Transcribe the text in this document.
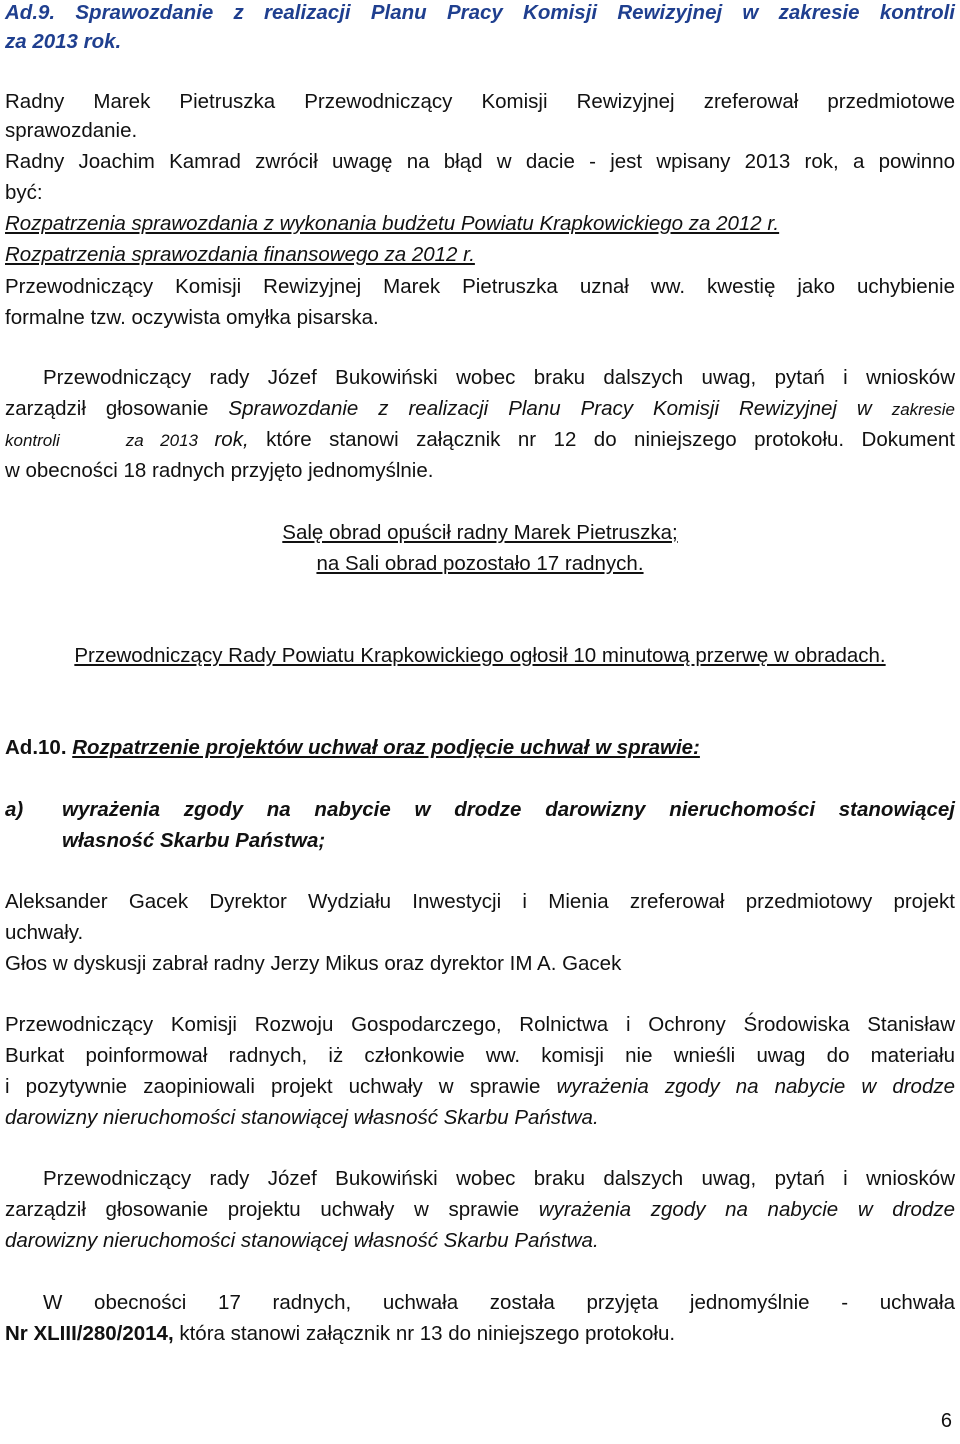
Ad.9. Sprawozdanie z realizacji Planu Pracy Komisji Rewizyjnej w zakresie kontroli
za 2013 rok.
Radny Marek Pietruszka Przewodniczący Komisji Rewizyjnej zreferował przedmiotowe
sprawozdanie.
Radny Joachim Kamrad zwrócił uwagę na błąd w dacie - jest wpisany 2013 rok, a powinno
być:
Rozpatrzenia sprawozdania z wykonania budżetu Powiatu Krapkowickiego za 2012 r.
Rozpatrzenia sprawozdania finansowego za 2012 r.
Przewodniczący Komisji Rewizyjnej Marek Pietruszka uznał ww. kwestię jako uchybienie
formalne tzw. oczywista omyłka pisarska.
Przewodniczący rady Józef Bukowiński wobec braku dalszych uwag, pytań i wniosków
zarządził głosowanie Sprawozdanie z realizacji Planu Pracy Komisji Rewizyjnej w zakresie
kontroli    za 2013 rok, które stanowi załącznik nr 12 do niniejszego protokołu. Dokument
w obecności 18 radnych przyjęto jednomyślnie.
Salę obrad opuścił radny Marek Pietruszka;
na Sali obrad pozostało 17 radnych.
Przewodniczący Rady Powiatu Krapkowickiego ogłosił 10 minutową przerwę w obradach.
Ad.10. Rozpatrzenie projektów uchwał oraz podjęcie uchwał w sprawie:
a)	wyrażenia zgody na nabycie w drodze darowizny nieruchomości stanowiącej
własność Skarbu Państwa;
Aleksander Gacek Dyrektor Wydziału Inwestycji i Mienia zreferował przedmiotowy projekt
uchwały.
Głos w dyskusji zabrał radny Jerzy Mikus oraz dyrektor IM A. Gacek
Przewodniczący Komisji Rozwoju Gospodarczego, Rolnictwa i Ochrony Środowiska Stanisław
Burkat poinformował radnych, iż członkowie ww. komisji nie wnieśli uwag do materiału
i pozytywnie zaopiniowali projekt uchwały w sprawie wyrażenia zgody na nabycie w drodze
darowizny nieruchomości stanowiącej własność Skarbu Państwa.
Przewodniczący rady Józef Bukowiński wobec braku dalszych uwag, pytań i wniosków
zarządził głosowanie projektu uchwały w sprawie wyrażenia zgody na nabycie w drodze
darowizny nieruchomości stanowiącej własność Skarbu Państwa.
W obecności 17 radnych, uchwała została przyjęta jednomyślnie - uchwała
Nr XLIII/280/2014, która stanowi załącznik nr 13 do niniejszego protokołu.
6
